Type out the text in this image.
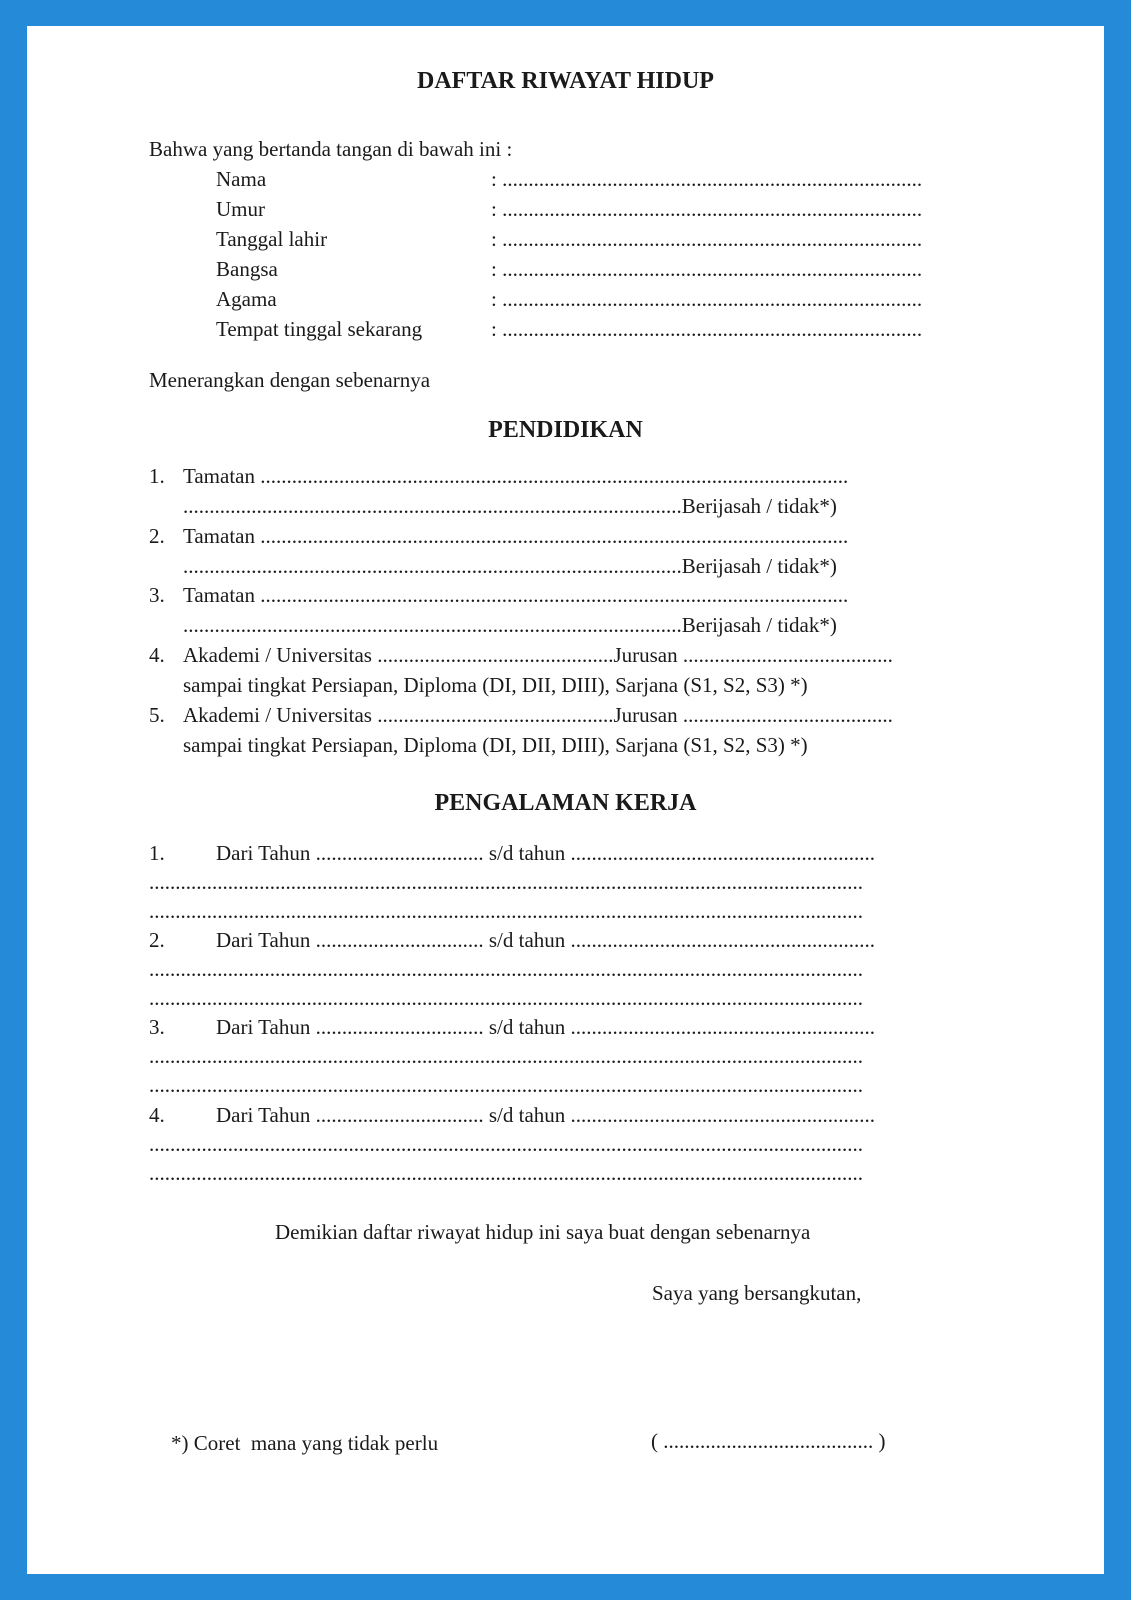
DAFTAR RIWAYAT HIDUP
Bahwa yang bertanda tangan di bawah ini :
Nama	: ................................................................................
Umur	: ................................................................................
Tanggal lahir	: ................................................................................
Bangsa	: ................................................................................
Agama	: ................................................................................
Tempat tinggal sekarang	: ................................................................................
Menerangkan dengan sebenarnya
PENDIDIKAN
1. Tamatan ................................................................................................................
...............................................................................................Berijasah / tidak*)
2. Tamatan ................................................................................................................
...............................................................................................Berijasah / tidak*)
3. Tamatan ................................................................................................................
...............................................................................................Berijasah / tidak*)
4. Akademi / Universitas .............................................Jurusan ........................................
sampai tingkat Persiapan, Diploma (DI, DII, DIII), Sarjana (S1, S2, S3) *)
5. Akademi / Universitas .............................................Jurusan ........................................
sampai tingkat Persiapan, Diploma (DI, DII, DIII), Sarjana (S1, S2, S3) *)
PENGALAMAN KERJA
1. Dari Tahun ................................ s/d tahun ..........................................................
........................................................................................................................................
........................................................................................................................................
2. Dari Tahun ................................ s/d tahun ..........................................................
........................................................................................................................................
........................................................................................................................................
3. Dari Tahun ................................ s/d tahun ..........................................................
........................................................................................................................................
........................................................................................................................................
4. Dari Tahun ................................ s/d tahun ..........................................................
........................................................................................................................................
........................................................................................................................................
Demikian daftar riwayat hidup ini saya buat dengan sebenarnya
Saya yang bersangkutan,
*) Coret  mana yang tidak perlu	( ........................................ )
